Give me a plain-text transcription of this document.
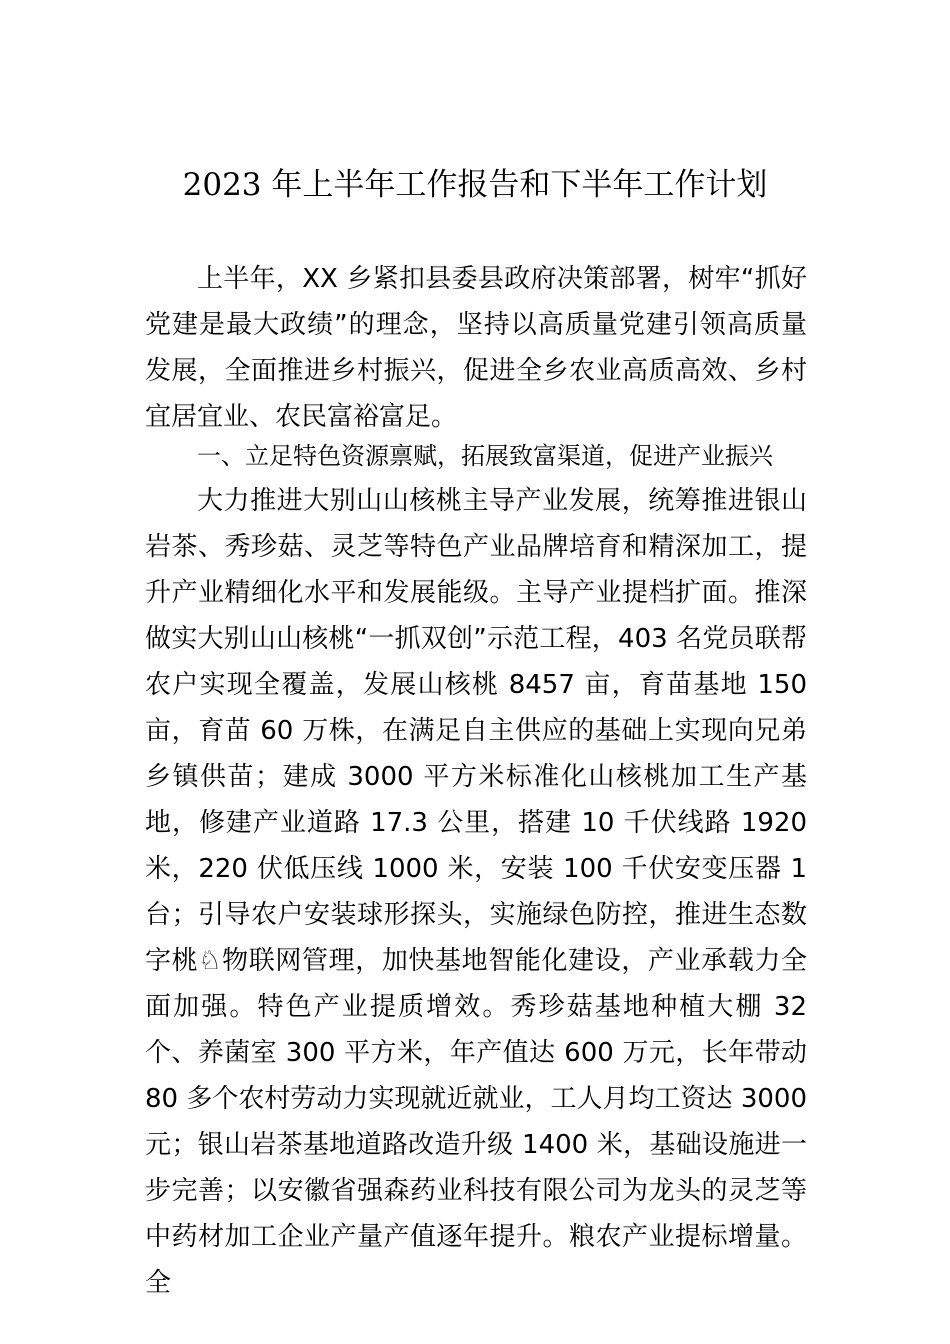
2023 年上半年工作报告和下半年工作计划

上半年，XX 乡紧扣县委县政府决策部署，树牢“抓好党建是最大政绩”的理念，坚持以高质量党建引领高质量发展，全面推进乡村振兴，促进全乡农业高质高效、乡村宜居宜业、农民富裕富足。

一、立足特色资源禀赋，拓展致富渠道，促进产业振兴

大力推进大别山山核桃主导产业发展，统筹推进银山岩茶、秀珍菇、灵芝等特色产业品牌培育和精深加工，提升产业精细化水平和发展能级。主导产业提档扩面。推深做实大别山山核桃“一抓双创”示范工程，403 名党员联帮农户实现全覆盖，发展山核桃 8457 亩，育苗基地 150 亩，育苗 60 万株，在满足自主供应的基础上实现向兄弟乡镇供苗；建成 3000 平方米标准化山核桃加工生产基地，修建产业道路 17.3 公里，搭建 10 千伏线路 1920 米，220 伏低压线 1000 米，安装 100 千伏安变压器 1 台；引导农户安装球形探头，实施绿色防控，推进生态数字桃♘物联网管理，加快基地智能化建设，产业承载力全面加强。特色产业提质增效。秀珍菇基地种植大棚 32 个、养菌室 300 平方米，年产值达 600 万元，长年带动 80 多个农村劳动力实现就近就业，工人月均工资达 3000 元；银山岩茶基地道路改造升级 1400 米，基础设施进一步完善；以安徽省强森药业科技有限公司为龙头的灵芝等中药材加工企业产量产值逐年提升。粮农产业提标增量。全
